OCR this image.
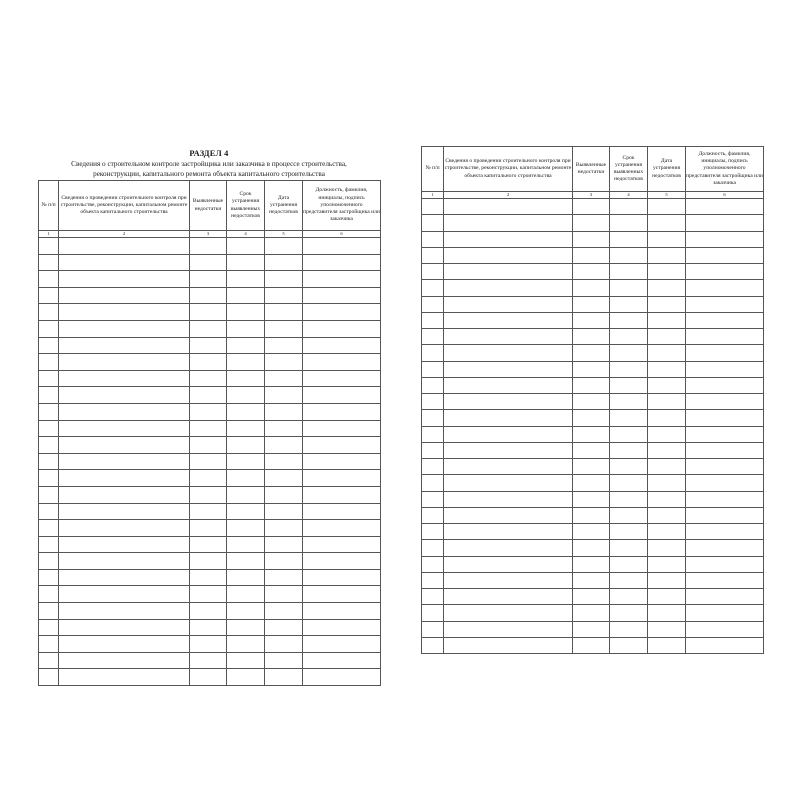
РАЗДЕЛ 4
Сведения о строительном контроле застройщика или заказчика в процессе строительства,
реконструкции, капитального ремонта объекта капитального строительства
№ п/п	Сведения о проведении строительного контроля при строительстве, реконструкции, капитальном ремонте объекта капитального строительства	Выявленные недостатки	Срок устранения выявленных недостатков	Дата устранения недостатков	Должность, фамилия, инициалы, подпись уполномоченного представителя застройщика или заказчика
1	2	3	4	5	6

№ п/п	Сведения о проведении строительного контроля при строительстве, реконструкции, капитальном ремонте объекта капитального строительства	Выявленные недостатки	Срок устранения выявленных недостатков	Дата устранения недостатков	Должность, фамилия, инициалы, подпись уполномоченного представителя застройщика или заказчика
1	2	3	4	5	6
